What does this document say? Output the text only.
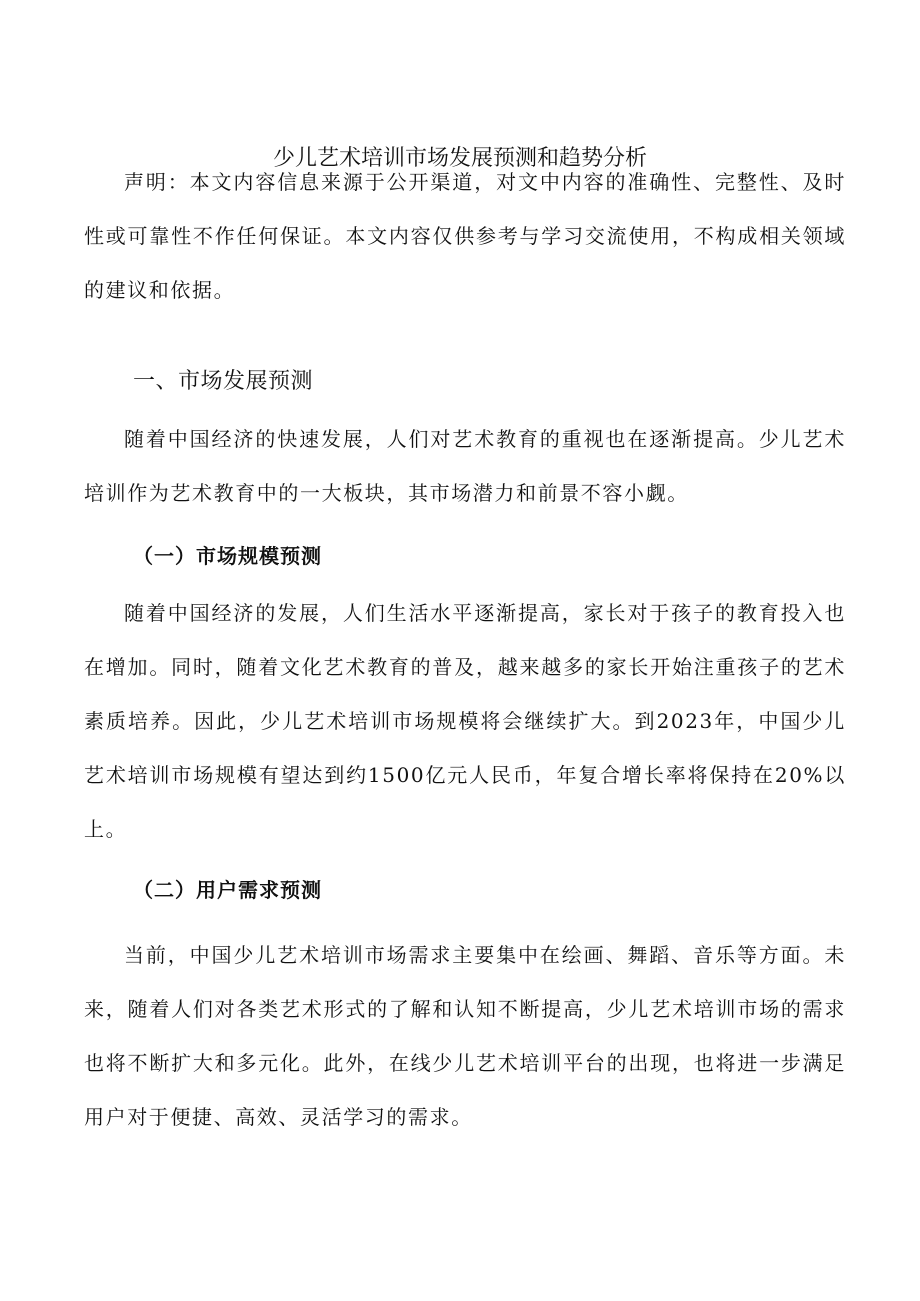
少儿艺术培训市场发展预测和趋势分析

声明：本文内容信息来源于公开渠道，对文中内容的准确性、完整性、及时性或可靠性不作任何保证。本文内容仅供参考与学习交流使用，不构成相关领域的建议和依据。

一、市场发展预测

随着中国经济的快速发展，人们对艺术教育的重视也在逐渐提高。少儿艺术培训作为艺术教育中的一大板块，其市场潜力和前景不容小觑。

（一）市场规模预测

随着中国经济的发展，人们生活水平逐渐提高，家长对于孩子的教育投入也在增加。同时，随着文化艺术教育的普及，越来越多的家长开始注重孩子的艺术素质培养。因此，少儿艺术培训市场规模将会继续扩大。到2023年，中国少儿艺术培训市场规模有望达到约1500亿元人民币，年复合增长率将保持在20%以上。

（二）用户需求预测

当前，中国少儿艺术培训市场需求主要集中在绘画、舞蹈、音乐等方面。未来，随着人们对各类艺术形式的了解和认知不断提高，少儿艺术培训市场的需求也将不断扩大和多元化。此外，在线少儿艺术培训平台的出现，也将进一步满足用户对于便捷、高效、灵活学习的需求。
